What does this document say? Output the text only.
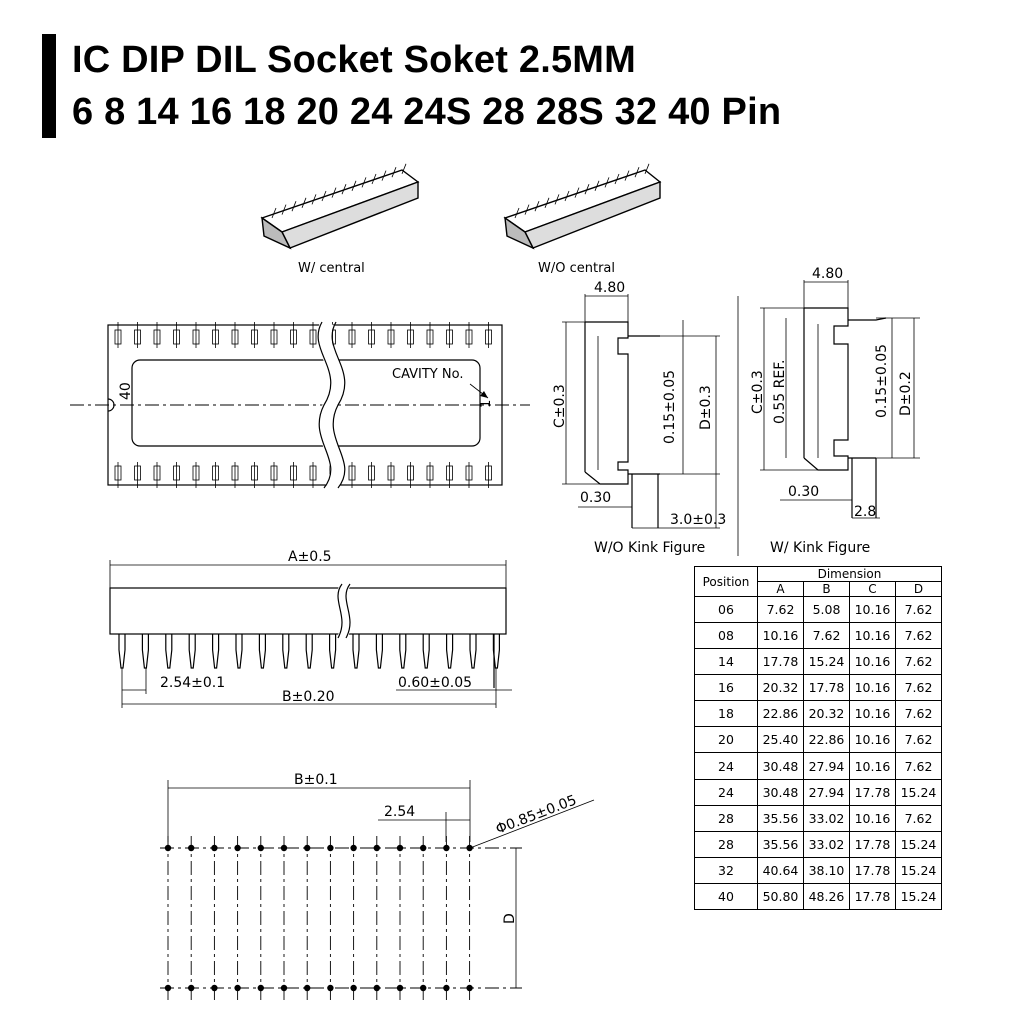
IC DIP DIL Socket Soket 2.5MM
6 8 14 16 18 20 24 24S 28 28S 32 40 Pin
W/ central	W/O central
40
CAVITY No.
1
4.80
C±0.3	0.15±0.05 D±0.3
0.30
3.0±0.3
W/O Kink Figure
4.80
C±0.3 0.55 REF.	0.15±0.05 D±0.2
0.30
2.8
W/ Kink Figure
A±0.5
2.54±0.1	0.60±0.05
B±0.20
B±0.1
2.54	Φ0.85±0.05
D
Position	Dimension			
	A	B	C	D
06	7.62	5.08	10.16	7.62
08	10.16	7.62	10.16	7.62
14	17.78	15.24	10.16	7.62
16	20.32	17.78	10.16	7.62
18	22.86	20.32	10.16	7.62
20	25.40	22.86	10.16	7.62
24	30.48	27.94	10.16	7.62
24	30.48	27.94	17.78	15.24
28	35.56	33.02	10.16	7.62
28	35.56	33.02	17.78	15.24
32	40.64	38.10	17.78	15.24
40	50.80	48.26	17.78	15.24
